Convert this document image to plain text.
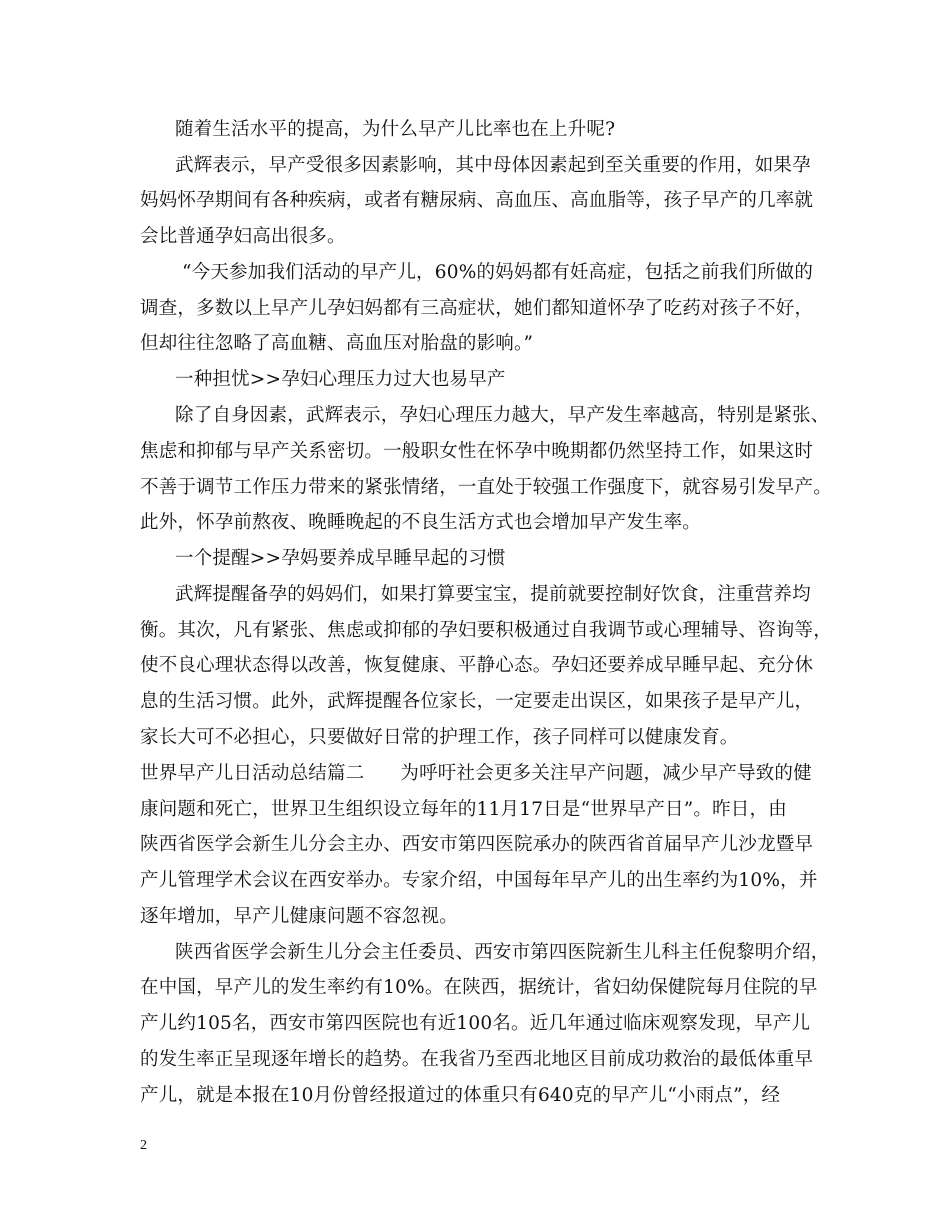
随着生活水平的提高，为什么早产儿比率也在上升呢?
武辉表示，早产受很多因素影响，其中母体因素起到至关重要的作用，如果孕
妈妈怀孕期间有各种疾病，或者有糖尿病、高血压、高血脂等，孩子早产的几率就
会比普通孕妇高出很多。
“今天参加我们活动的早产儿，60%的妈妈都有妊高症，包括之前我们所做的
调查，多数以上早产儿孕妇妈都有三高症状，她们都知道怀孕了吃药对孩子不好，
但却往往忽略了高血糖、高血压对胎盘的影响。”
一种担忧>>孕妇心理压力过大也易早产
除了自身因素，武辉表示，孕妇心理压力越大，早产发生率越高，特别是紧张、
焦虑和抑郁与早产关系密切。一般职女性在怀孕中晚期都仍然坚持工作，如果这时
不善于调节工作压力带来的紧张情绪，一直处于较强工作强度下，就容易引发早产。
此外，怀孕前熬夜、晚睡晚起的不良生活方式也会增加早产发生率。
一个提醒>>孕妈要养成早睡早起的习惯
武辉提醒备孕的妈妈们，如果打算要宝宝，提前就要控制好饮食，注重营养均
衡。其次，凡有紧张、焦虑或抑郁的孕妇要积极通过自我调节或心理辅导、咨询等，
使不良心理状态得以改善，恢复健康、平静心态。孕妇还要养成早睡早起、充分休
息的生活习惯。此外，武辉提醒各位家长，一定要走出误区，如果孩子是早产儿，
家长大可不必担心，只要做好日常的护理工作，孩子同样可以健康发育。
世界早产儿日活动总结篇二 为呼吁社会更多关注早产问题，减少早产导致的健
康问题和死亡，世界卫生组织设立每年的11月17日是“世界早产日”。昨日，由
陕西省医学会新生儿分会主办、西安市第四医院承办的陕西省首届早产儿沙龙暨早
产儿管理学术会议在西安举办。专家介绍，中国每年早产儿的出生率约为10%，并
逐年增加，早产儿健康问题不容忽视。
陕西省医学会新生儿分会主任委员、西安市第四医院新生儿科主任倪黎明介绍，
在中国，早产儿的发生率约有10%。在陕西，据统计，省妇幼保健院每月住院的早
产儿约105名，西安市第四医院也有近100名。近几年通过临床观察发现，早产儿
的发生率正呈现逐年增长的趋势。在我省乃至西北地区目前成功救治的最低体重早
产儿，就是本报在10月份曾经报道过的体重只有640克的早产儿“小雨点”，经
2
